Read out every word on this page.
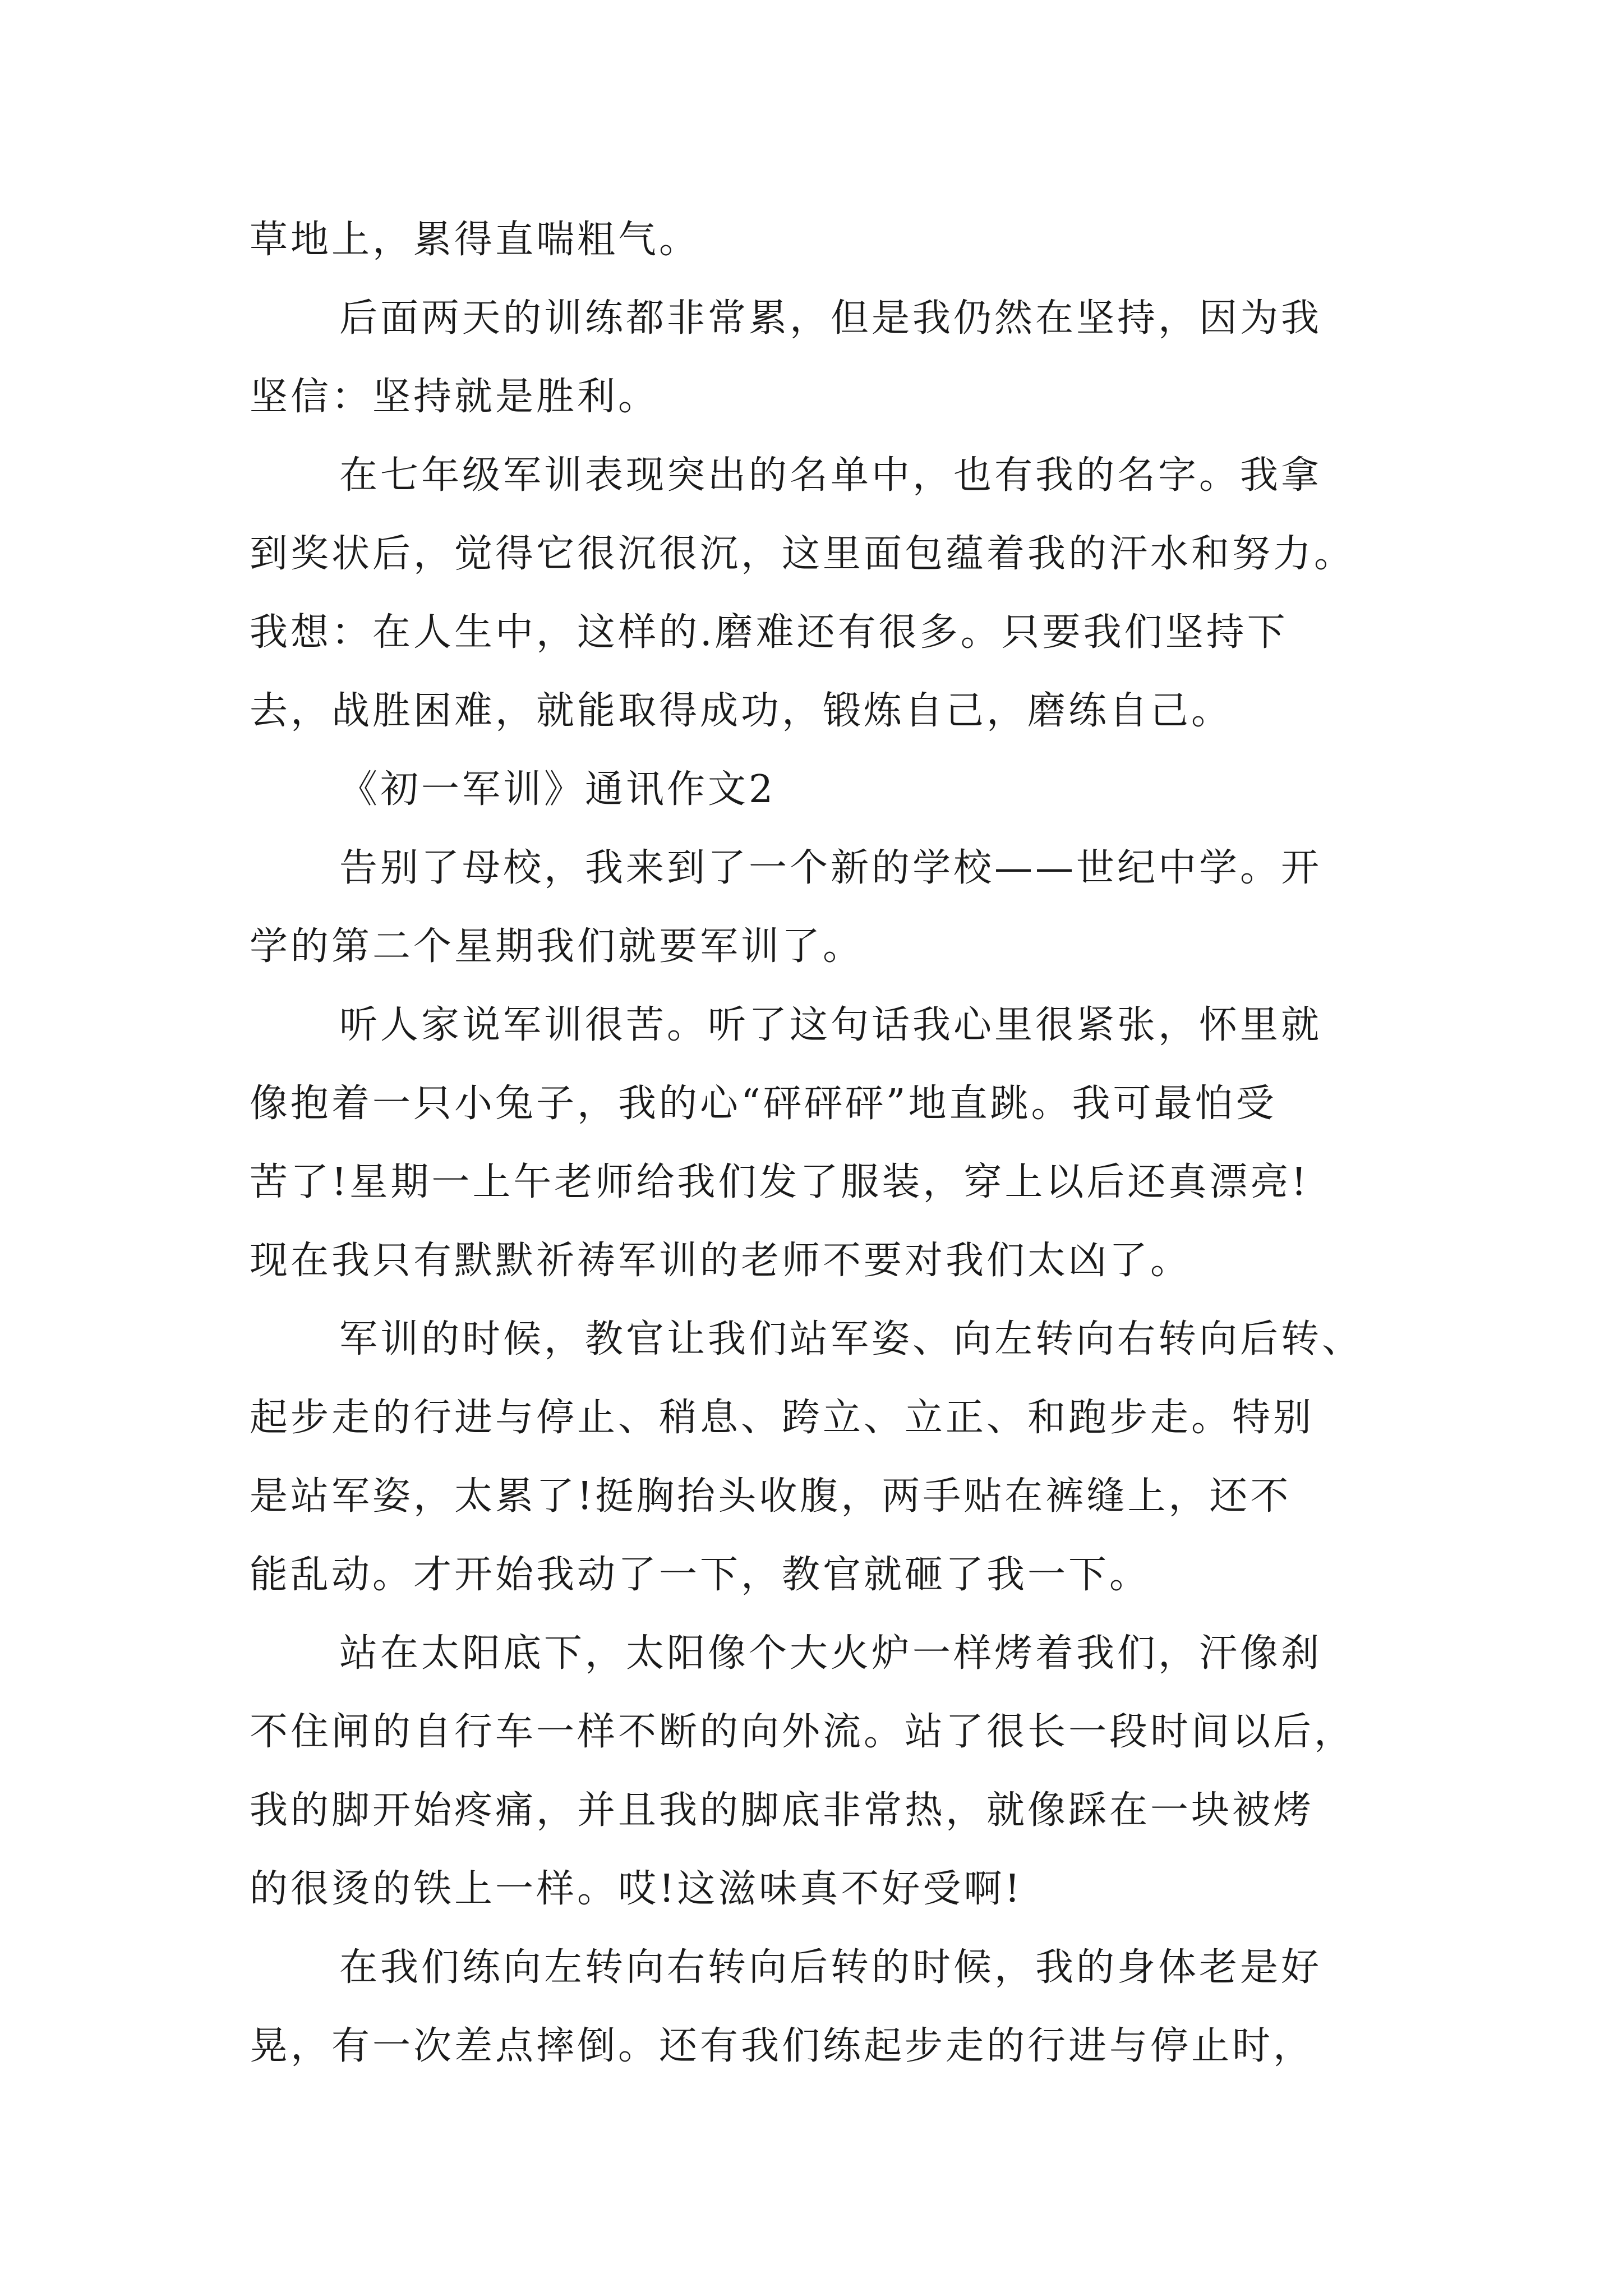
草地上，累得直喘粗气。
后面两天的训练都非常累，但是我仍然在坚持，因为我
坚信：坚持就是胜利。
在七年级军训表现突出的名单中，也有我的名字。我拿
到奖状后，觉得它很沉很沉，这里面包蕴着我的汗水和努力。
我想：在人生中，这样的.磨难还有很多。只要我们坚持下
去，战胜困难，就能取得成功，锻炼自己，磨练自己。
《初一军训》通讯作文2
告别了母校，我来到了一个新的学校——世纪中学。开
学的第二个星期我们就要军训了。
听人家说军训很苦。听了这句话我心里很紧张，怀里就
像抱着一只小兔子，我的心“砰砰砰”地直跳。我可最怕受
苦了!星期一上午老师给我们发了服装，穿上以后还真漂亮!
现在我只有默默祈祷军训的老师不要对我们太凶了。
军训的时候，教官让我们站军姿、向左转向右转向后转、
起步走的行进与停止、稍息、跨立、立正、和跑步走。特别
是站军姿，太累了!挺胸抬头收腹，两手贴在裤缝上，还不
能乱动。才开始我动了一下，教官就砸了我一下。
站在太阳底下，太阳像个大火炉一样烤着我们，汗像刹
不住闸的自行车一样不断的向外流。站了很长一段时间以后，
我的脚开始疼痛，并且我的脚底非常热，就像踩在一块被烤
的很烫的铁上一样。哎!这滋味真不好受啊!
在我们练向左转向右转向后转的时候，我的身体老是好
晃，有一次差点摔倒。还有我们练起步走的行进与停止时，
